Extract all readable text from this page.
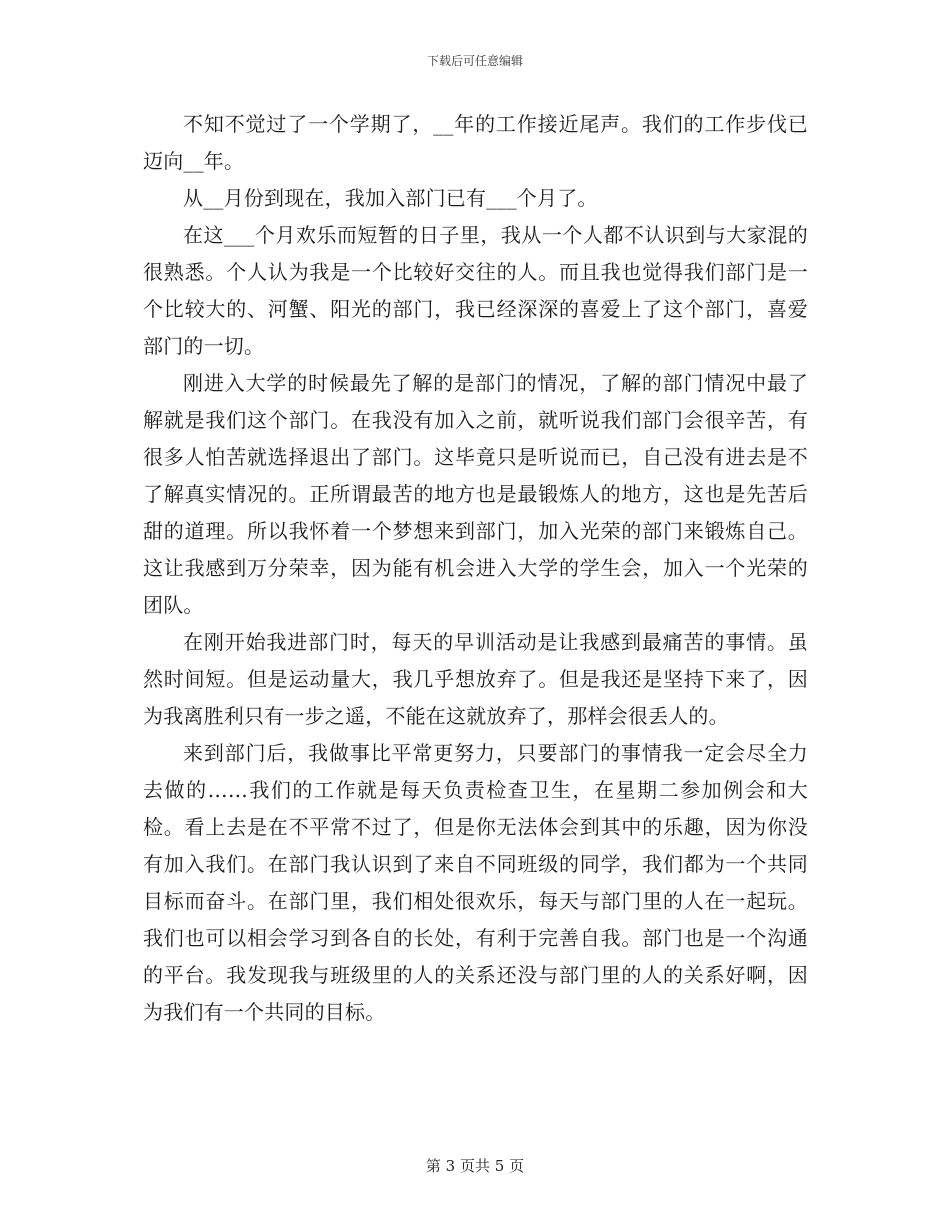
下载后可任意编辑

不知不觉过了一个学期了，__年的工作接近尾声。我们的工作步伐已迈向__年。

从__月份到现在，我加入部门已有___个月了。

在这___个月欢乐而短暂的日子里，我从一个人都不认识到与大家混的很熟悉。个人认为我是一个比较好交往的人。而且我也觉得我们部门是一个比较大的、河蟹、阳光的部门，我已经深深的喜爱上了这个部门，喜爱部门的一切。

刚进入大学的时候最先了解的是部门的情况，了解的部门情况中最了解就是我们这个部门。在我没有加入之前，就听说我们部门会很辛苦，有很多人怕苦就选择退出了部门。这毕竟只是听说而已，自己没有进去是不了解真实情况的。正所谓最苦的地方也是最锻炼人的地方，这也是先苦后甜的道理。所以我怀着一个梦想来到部门，加入光荣的部门来锻炼自己。这让我感到万分荣幸，因为能有机会进入大学的学生会，加入一个光荣的团队。

在刚开始我进部门时，每天的早训活动是让我感到最痛苦的事情。虽然时间短。但是运动量大，我几乎想放弃了。但是我还是坚持下来了，因为我离胜利只有一步之遥，不能在这就放弃了，那样会很丢人的。

来到部门后，我做事比平常更努力，只要部门的事情我一定会尽全力去做的……我们的工作就是每天负责检查卫生，在星期二参加例会和大检。看上去是在不平常不过了，但是你无法体会到其中的乐趣，因为你没有加入我们。在部门我认识到了来自不同班级的同学，我们都为一个共同目标而奋斗。在部门里，我们相处很欢乐，每天与部门里的人在一起玩。我们也可以相会学习到各自的长处，有利于完善自我。部门也是一个沟通的平台。我发现我与班级里的人的关系还没与部门里的人的关系好啊，因为我们有一个共同的目标。

第 3 页共 5 页
